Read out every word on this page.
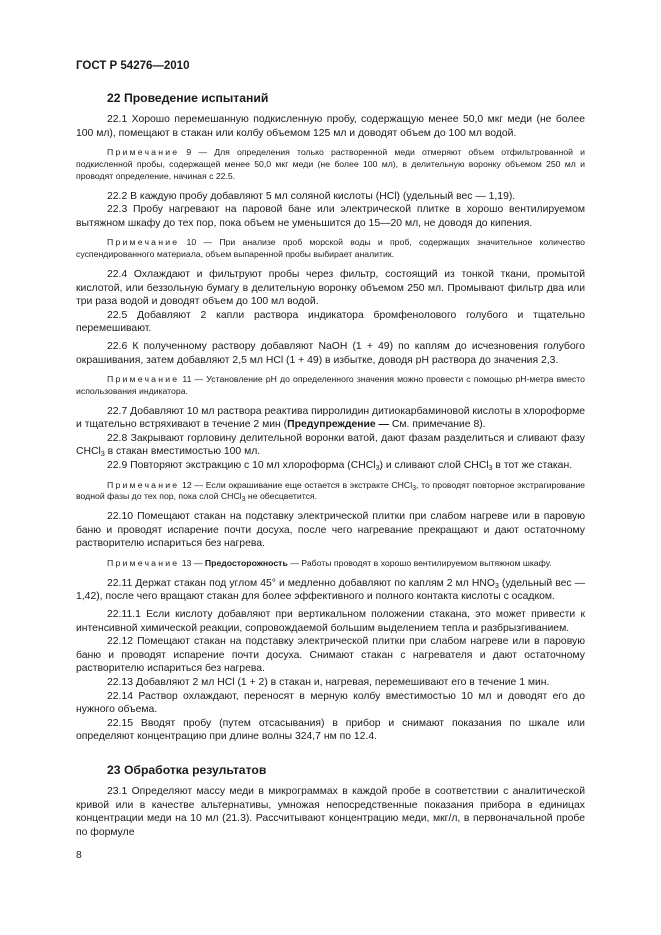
ГОСТ Р 54276—2010
22 Проведение испытаний

22.1 Хорошо перемешанную подкисленную пробу, содержащую менее 50,0 мкг меди (не более 100 мл), помещают в стакан или колбу объемом 125 мл и доводят объем до 100 мл водой.

Примечание 9 — Для определения только растворенной меди отмеряют объем отфильтрованной и подкисленной пробы, содержащей менее 50,0 мкг меди (не более 100 мл), в делительную воронку объемом 250 мл и проводят определение, начиная с 22.5.

22.2 В каждую пробу добавляют 5 мл соляной кислоты (HCl) (удельный вес — 1,19).

22.3 Пробу нагревают на паровой бане или электрической плитке в хорошо вентилируемом вытяжном шкафу до тех пор, пока объем не уменьшится до 15—20 мл, не доводя до кипения.

Примечание 10 — При анализе проб морской воды и проб, содержащих значительное количество суспендированного материала, объем выпаренной пробы выбирает аналитик.

22.4 Охлаждают и фильтруют пробы через фильтр, состоящий из тонкой ткани, промытой кислотой, или беззольную бумагу в делительную воронку объемом 250 мл. Промывают фильтр два или три раза водой и доводят объем до 100 мл водой.

22.5 Добавляют 2 капли раствора индикатора бромфенолового голубого и тщательно перемешивают.

22.6 К полученному раствору добавляют NaOH (1 + 49) по каплям до исчезновения голубого окрашивания, затем добавляют 2,5 мл HCl (1 + 49) в избытке, доводя pH раствора до значения 2,3.

Примечание 11 — Установление pH до определенного значения можно провести с помощью pH-метра вместо использования индикатора.

22.7 Добавляют 10 мл раствора реактива пирролидин дитиокарбаминовой кислоты в хлороформе и тщательно встряхивают в течение 2 мин (Предупреждение — См. примечание 8).

22.8 Закрывают горловину делительной воронки ватой, дают фазам разделиться и сливают фазу CHCl$_3$ в стакан вместимостью 100 мл.

22.9 Повторяют экстракцию с 10 мл хлороформа (CHCl$_3$) и сливают слой CHCl$_3$ в тот же стакан.

Примечание 12 — Если окрашивание еще остается в экстракте CHCl$_3$, то проводят повторное экстрагирование водной фазы до тех пор, пока слой CHCl$_3$ не обесцветится.

22.10 Помещают стакан на подставку электрической плитки при слабом нагреве или в паровую баню и проводят испарение почти досуха, после чего нагревание прекращают и дают остаточному растворителю испариться без нагрева.

Примечание 13 — Предосторожность — Работы проводят в хорошо вентилируемом вытяжном шкафу.

22.11 Держат стакан под углом 45° и медленно добавляют по каплям 2 мл $HNO_3$ (удельный вес — 1,42), после чего вращают стакан для более эффективного и полного контакта кислоты с осадком.

22.11.1 Если кислоту добавляют при вертикальном положении стакана, это может привести к интенсивной химической реакции, сопровождаемой большим выделением тепла и разбрызгиванием.

22.12 Помещают стакан на подставку электрической плитки при слабом нагреве или в паровую баню и проводят испарение почти досуха. Снимают стакан с нагревателя и дают остаточному растворителю испариться без нагрева.

22.13 Добавляют 2 мл HCl (1 + 2) в стакан и, нагревая, перемешивают его в течение 1 мин.

22.14 Раствор охлаждают, переносят в мерную колбу вместимостью 10 мл и доводят его до нужного объема.

22.15 Вводят пробу (путем отсасывания) в прибор и снимают показания по шкале или определяют концентрацию при длине волны 324,7 нм по 12.4.

23 Обработка результатов

23.1 Определяют массу меди в микрограммах в каждой пробе в соответствии с аналитической кривой или в качестве альтернативы, умножая непосредственные показания прибора в единицах концентрации меди на 10 мл (21.3). Рассчитывают концентрацию меди, мкг/л, в первоначальной пробе по формуле

8
